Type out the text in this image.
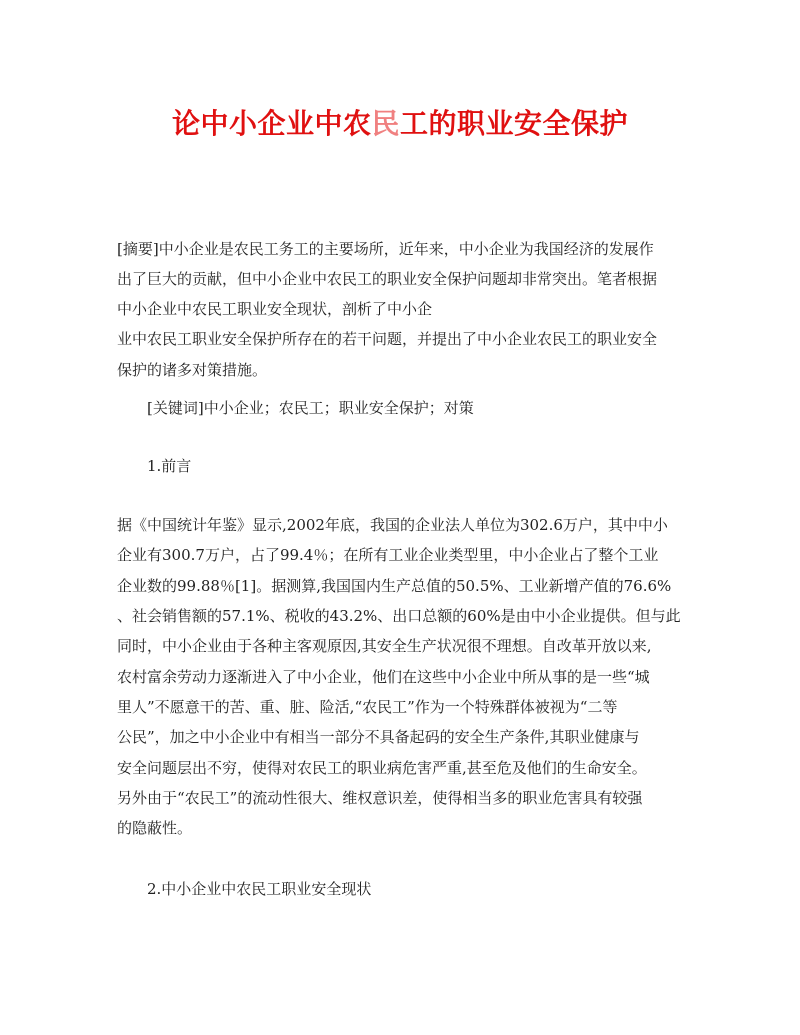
论中小企业中农民工的职业安全保护
[摘要]中小企业是农民工务工的主要场所，近年来，中小企业为我国经济的发展作
出了巨大的贡献，但中小企业中农民工的职业安全保护问题却非常突出。笔者根据
中小企业中农民工职业安全现状，剖析了中小企
业中农民工职业安全保护所存在的若干问题，并提出了中小企业农民工的职业安全
保护的诸多对策措施。
[关键词]中小企业；农民工；职业安全保护；对策
1.前言
据《中国统计年鉴》显示,2002年底，我国的企业法人单位为302.6万户，其中中小
企业有300.7万户，占了99.4％；在所有工业企业类型里，中小企业占了整个工业
企业数的99.88％[1]。据测算,我国国内生产总值的50.5%、工业新增产值的76.6%
、社会销售额的57.1%、税收的43.2%、出口总额的60%是由中小企业提供。但与此
同时，中小企业由于各种主客观原因,其安全生产状况很不理想。自改革开放以来,
农村富余劳动力逐渐进入了中小企业，他们在这些中小企业中所从事的是一些“城
里人”不愿意干的苦、重、脏、险活,“农民工”作为一个特殊群体被视为“二等
公民”，加之中小企业中有相当一部分不具备起码的安全生产条件,其职业健康与
安全问题层出不穷，使得对农民工的职业病危害严重,甚至危及他们的生命安全。
另外由于“农民工”的流动性很大、维权意识差，使得相当多的职业危害具有较强
的隐蔽性。
2.中小企业中农民工职业安全现状
